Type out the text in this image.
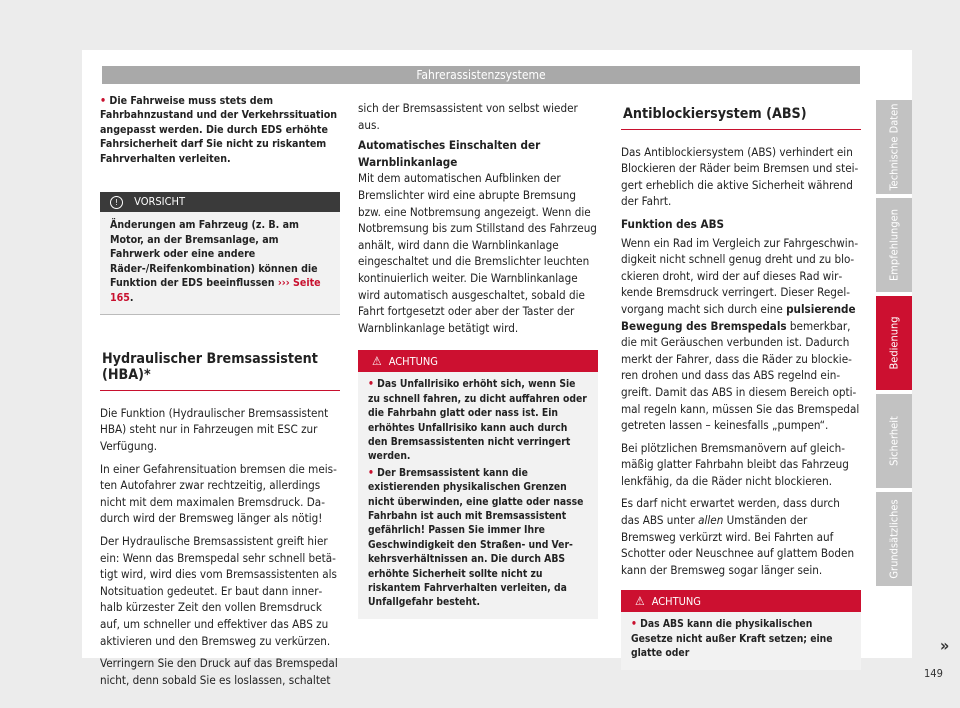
Fahrerassistenzsysteme
• Die Fahrweise muss stets dem Fahrbahnzustand und der Verkehrssituation angepasst werden. Die durch EDS erhöhte Fahrsicherheit darf Sie nicht zu riskantem Fahrverhalten verleiten.
! VORSICHT
Änderungen am Fahrzeug (z. B. am Motor, an der Bremsanlage, am Fahrwerk oder eine andere Räder-/Reifenkombination) können die Funktion der EDS beeinflussen ››› Seite 165.
Hydraulischer Bremsassistent (HBA)*

Die Funktion (Hydraulischer Bremsassistent HBA) steht nur in Fahrzeugen mit ESC zur Verfügung.

In einer Gefahrensituation bremsen die meisten Autofahrer zwar rechtzeitig, allerdings nicht mit dem maximalen Bremsdruck. Dadurch wird der Bremsweg länger als nötig!

Der Hydraulische Bremsassistent greift hier ein: Wenn das Bremspedal sehr schnell betätigt wird, wird dies vom Bremsassistenten als Notsituation gedeutet. Er baut dann innerhalb kürzester Zeit den vollen Bremsdruck auf, um schneller und effektiver das ABS zu aktivieren und den Bremsweg zu verkürzen.

Verringern Sie den Druck auf das Bremspedal nicht, denn sobald Sie es loslassen, schaltet

sich der Bremsassistent von selbst wieder aus.

Automatisches Einschalten der Warnblinkanlage

Mit dem automatischen Aufblinken der Bremslichter wird eine abrupte Bremsung bzw. eine Notbremsung angezeigt. Wenn die Notbremsung bis zum Stillstand des Fahrzeug anhält, wird dann die Warnblinkanlage eingeschaltet und die Bremslichter leuchten kontinuierlich weiter. Die Warnblinkanlage wird automatisch ausgeschaltet, sobald die Fahrt fortgesetzt oder aber der Taster der Warnblinkanlage betätigt wird.

⚠ ACHTUNG

• Das Unfallrisiko erhöht sich, wenn Sie zu schnell fahren, zu dicht auffahren oder die Fahrbahn glatt oder nass ist. Ein erhöhtes Unfallrisiko kann auch durch den Bremsassistenten nicht verringert werden.

• Der Bremsassistent kann die existierenden physikalischen Grenzen nicht überwinden, eine glatte oder nasse Fahrbahn ist auch mit Bremsassistent gefährlich! Passen Sie immer Ihre Geschwindigkeit den Straßen- und Verkehrsverhältnissen an. Die durch ABS erhöhte Sicherheit sollte nicht zu riskantem Fahrverhalten verleiten, da Unfallgefahr besteht.

Antiblockiersystem (ABS)

Das Antiblockiersystem (ABS) verhindert ein Blockieren der Räder beim Bremsen und steigert erheblich die aktive Sicherheit während der Fahrt.

Funktion des ABS

Wenn ein Rad im Vergleich zur Fahrgeschwindigkeit nicht schnell genug dreht und zu blockieren droht, wird der auf dieses Rad wirkende Bremsdruck verringert. Dieser Regelvorgang macht sich durch eine pulsierende Bewegung des Bremspedals bemerkbar, die mit Geräuschen verbunden ist. Dadurch merkt der Fahrer, dass die Räder zu blockieren drohen und dass das ABS regelnd eingreift. Damit das ABS in diesem Bereich optimal regeln kann, müssen Sie das Bremspedal getreten lassen – keinesfalls „pumpen“.

Bei plötzlichen Bremsmanövern auf gleichmäßig glatter Fahrbahn bleibt das Fahrzeug lenkfähig, da die Räder nicht blockieren.

Es darf nicht erwartet werden, dass durch das ABS unter allen Umständen der Bremsweg verkürzt wird. Bei Fahrten auf Schotter oder Neuschnee auf glattem Boden kann der Bremsweg sogar länger sein.

⚠ ACHTUNG

• Das ABS kann die physikalischen Gesetze nicht außer Kraft setzen; eine glatte oder	»
149
Technische Daten
Empfehlungen
Bedienung
Sicherheit
Grundsätzliches
